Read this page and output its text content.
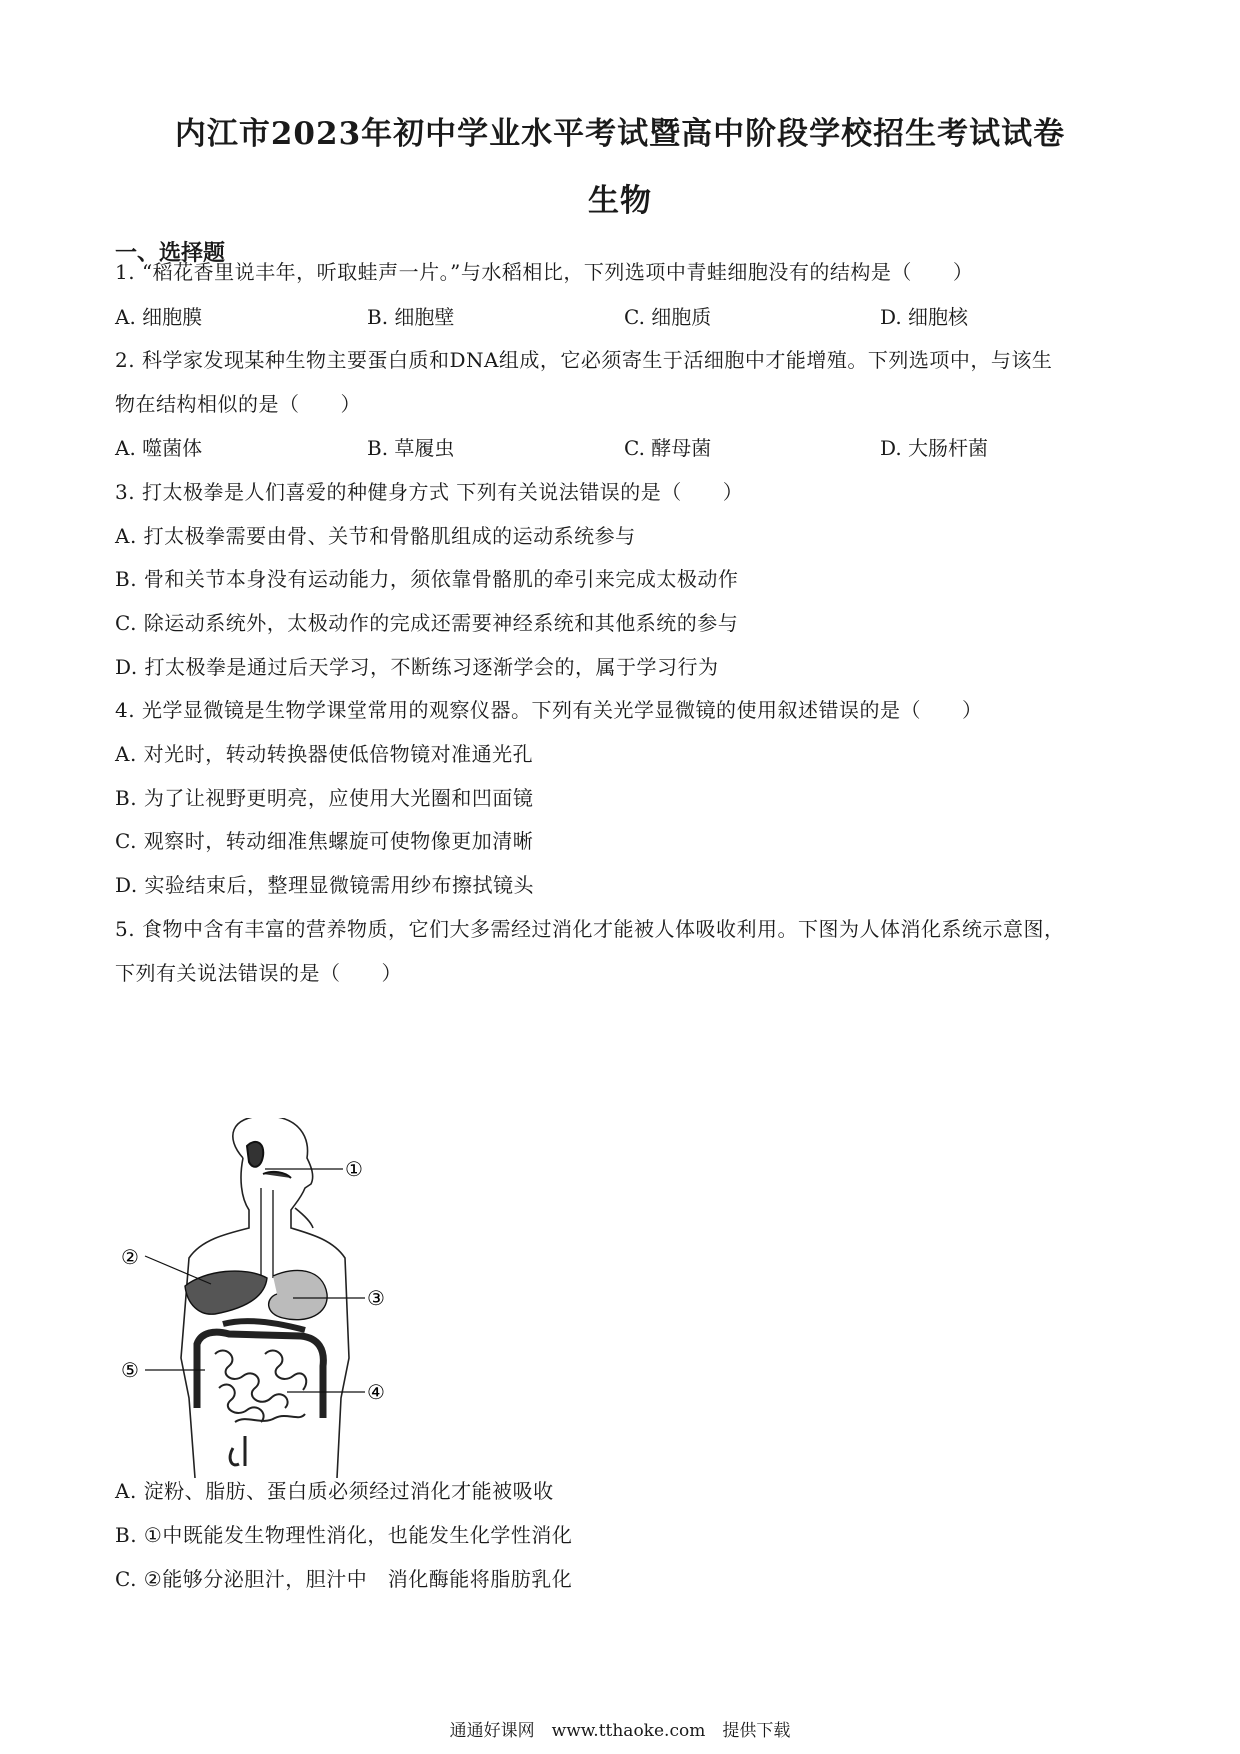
内江市2023年初中学业水平考试暨高中阶段学校招生考试试卷
生物
一、选择题
1. “稻花香里说丰年，听取蛙声一片。”与水稻相比，下列选项中青蛙细胞没有的结构是（　　）
A. 细胞膜	B. 细胞壁	C. 细胞质	D. 细胞核
2. 科学家发现某种生物主要蛋白质和DNA组成，它必须寄生于活细胞中才能增殖。下列选项中，与该生
物在结构相似的是（　　）
A. 噬菌体	B. 草履虫	C. 酵母菌	D. 大肠杆菌
3. 打太极拳是人们喜爱的种健身方式 下列有关说法错误的是（　　）
A. 打太极拳需要由骨、关节和骨骼肌组成的运动系统参与
B. 骨和关节本身没有运动能力，须依靠骨骼肌的牵引来完成太极动作
C. 除运动系统外，太极动作的完成还需要神经系统和其他系统的参与
D. 打太极拳是通过后天学习，不断练习逐渐学会的，属于学习行为
4. 光学显微镜是生物学课堂常用的观察仪器。下列有关光学显微镜的使用叙述错误的是（　　）
A. 对光时，转动转换器使低倍物镜对准通光孔
B. 为了让视野更明亮，应使用大光圈和凹面镜
C. 观察时，转动细准焦螺旋可使物像更加清晰
D. 实验结束后，整理显微镜需用纱布擦拭镜头
5. 食物中含有丰富的营养物质，它们大多需经过消化才能被人体吸收利用。下图为人体消化系统示意图，
下列有关说法错误的是（　　）
①
②
③
④
⑤
A. 淀粉、脂肪、蛋白质必须经过消化才能被吸收
B. ①中既能发生物理性消化，也能发生化学性消化
C. ②能够分泌胆汁，胆汁中　消化酶能将脂肪乳化
通通好课网　www.tthaoke.com　提供下载
